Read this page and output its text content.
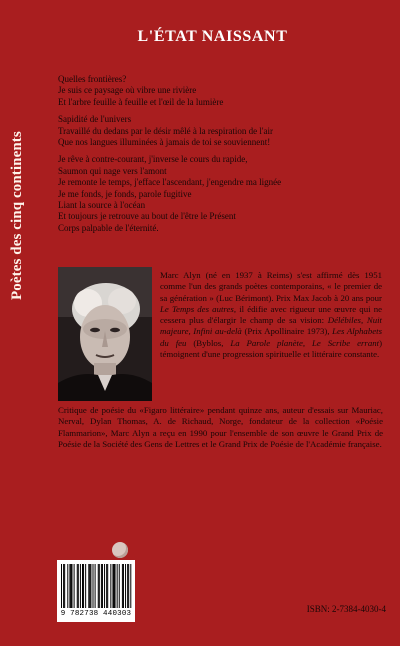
Poètes des cinq continents
L'ÉTAT NAISSANT
Quelles frontières?
Je suis ce paysage où vibre une rivière
Et l'arbre feuille à feuille et l'œil de la lumière
Sapidité de l'univers
Travaillé du dedans par le désir mêlé à la respiration de l'air
Que nos langues illuminées à jamais de toi se souviennent!
Je rêve à contre-courant, j'inverse le cours du rapide,
Saumon qui nage vers l'amont
Je remonte le temps, j'efface l'ascendant, j'engendre ma lignée
Je me fonds, je fonds, parole fugitive
Liant la source à l'océan
Et toujours je retrouve au bout de l'être le Présent
Corps palpable de l'éternité.
Marc Alyn (né en 1937 à Reims) s'est affirmé dès 1951 comme l'un des grands poètes contemporains, « le premier de sa génération » (Luc Bérimont). Prix Max Jacob à 20 ans pour Le Temps des autres, il édifie avec rigueur une œuvre qui ne cessera plus d'élargir le champ de sa vision: Délébiles, Nuit majeure, Infini au-delà (Prix Apollinaire 1973), Les Alphabets du feu (Byblos, La Parole planète, Le Scribe errant) témoignent d'une progression spirituelle et littéraire constante.
Critique de poésie du «Figaro littéraire» pendant quinze ans, auteur d'essais sur Mauriac, Nerval, Dylan Thomas, A. de Richaud, Norge, fondateur de la collection «Poésie Flammarion», Marc Alyn a reçu en 1990 pour l'ensemble de son œuvre le Grand Prix de Poésie de la Société des Gens de Lettres et le Grand Prix de Poésie de l'Académie française.
9 782738 440303	ISBN: 2-7384-4030-4
